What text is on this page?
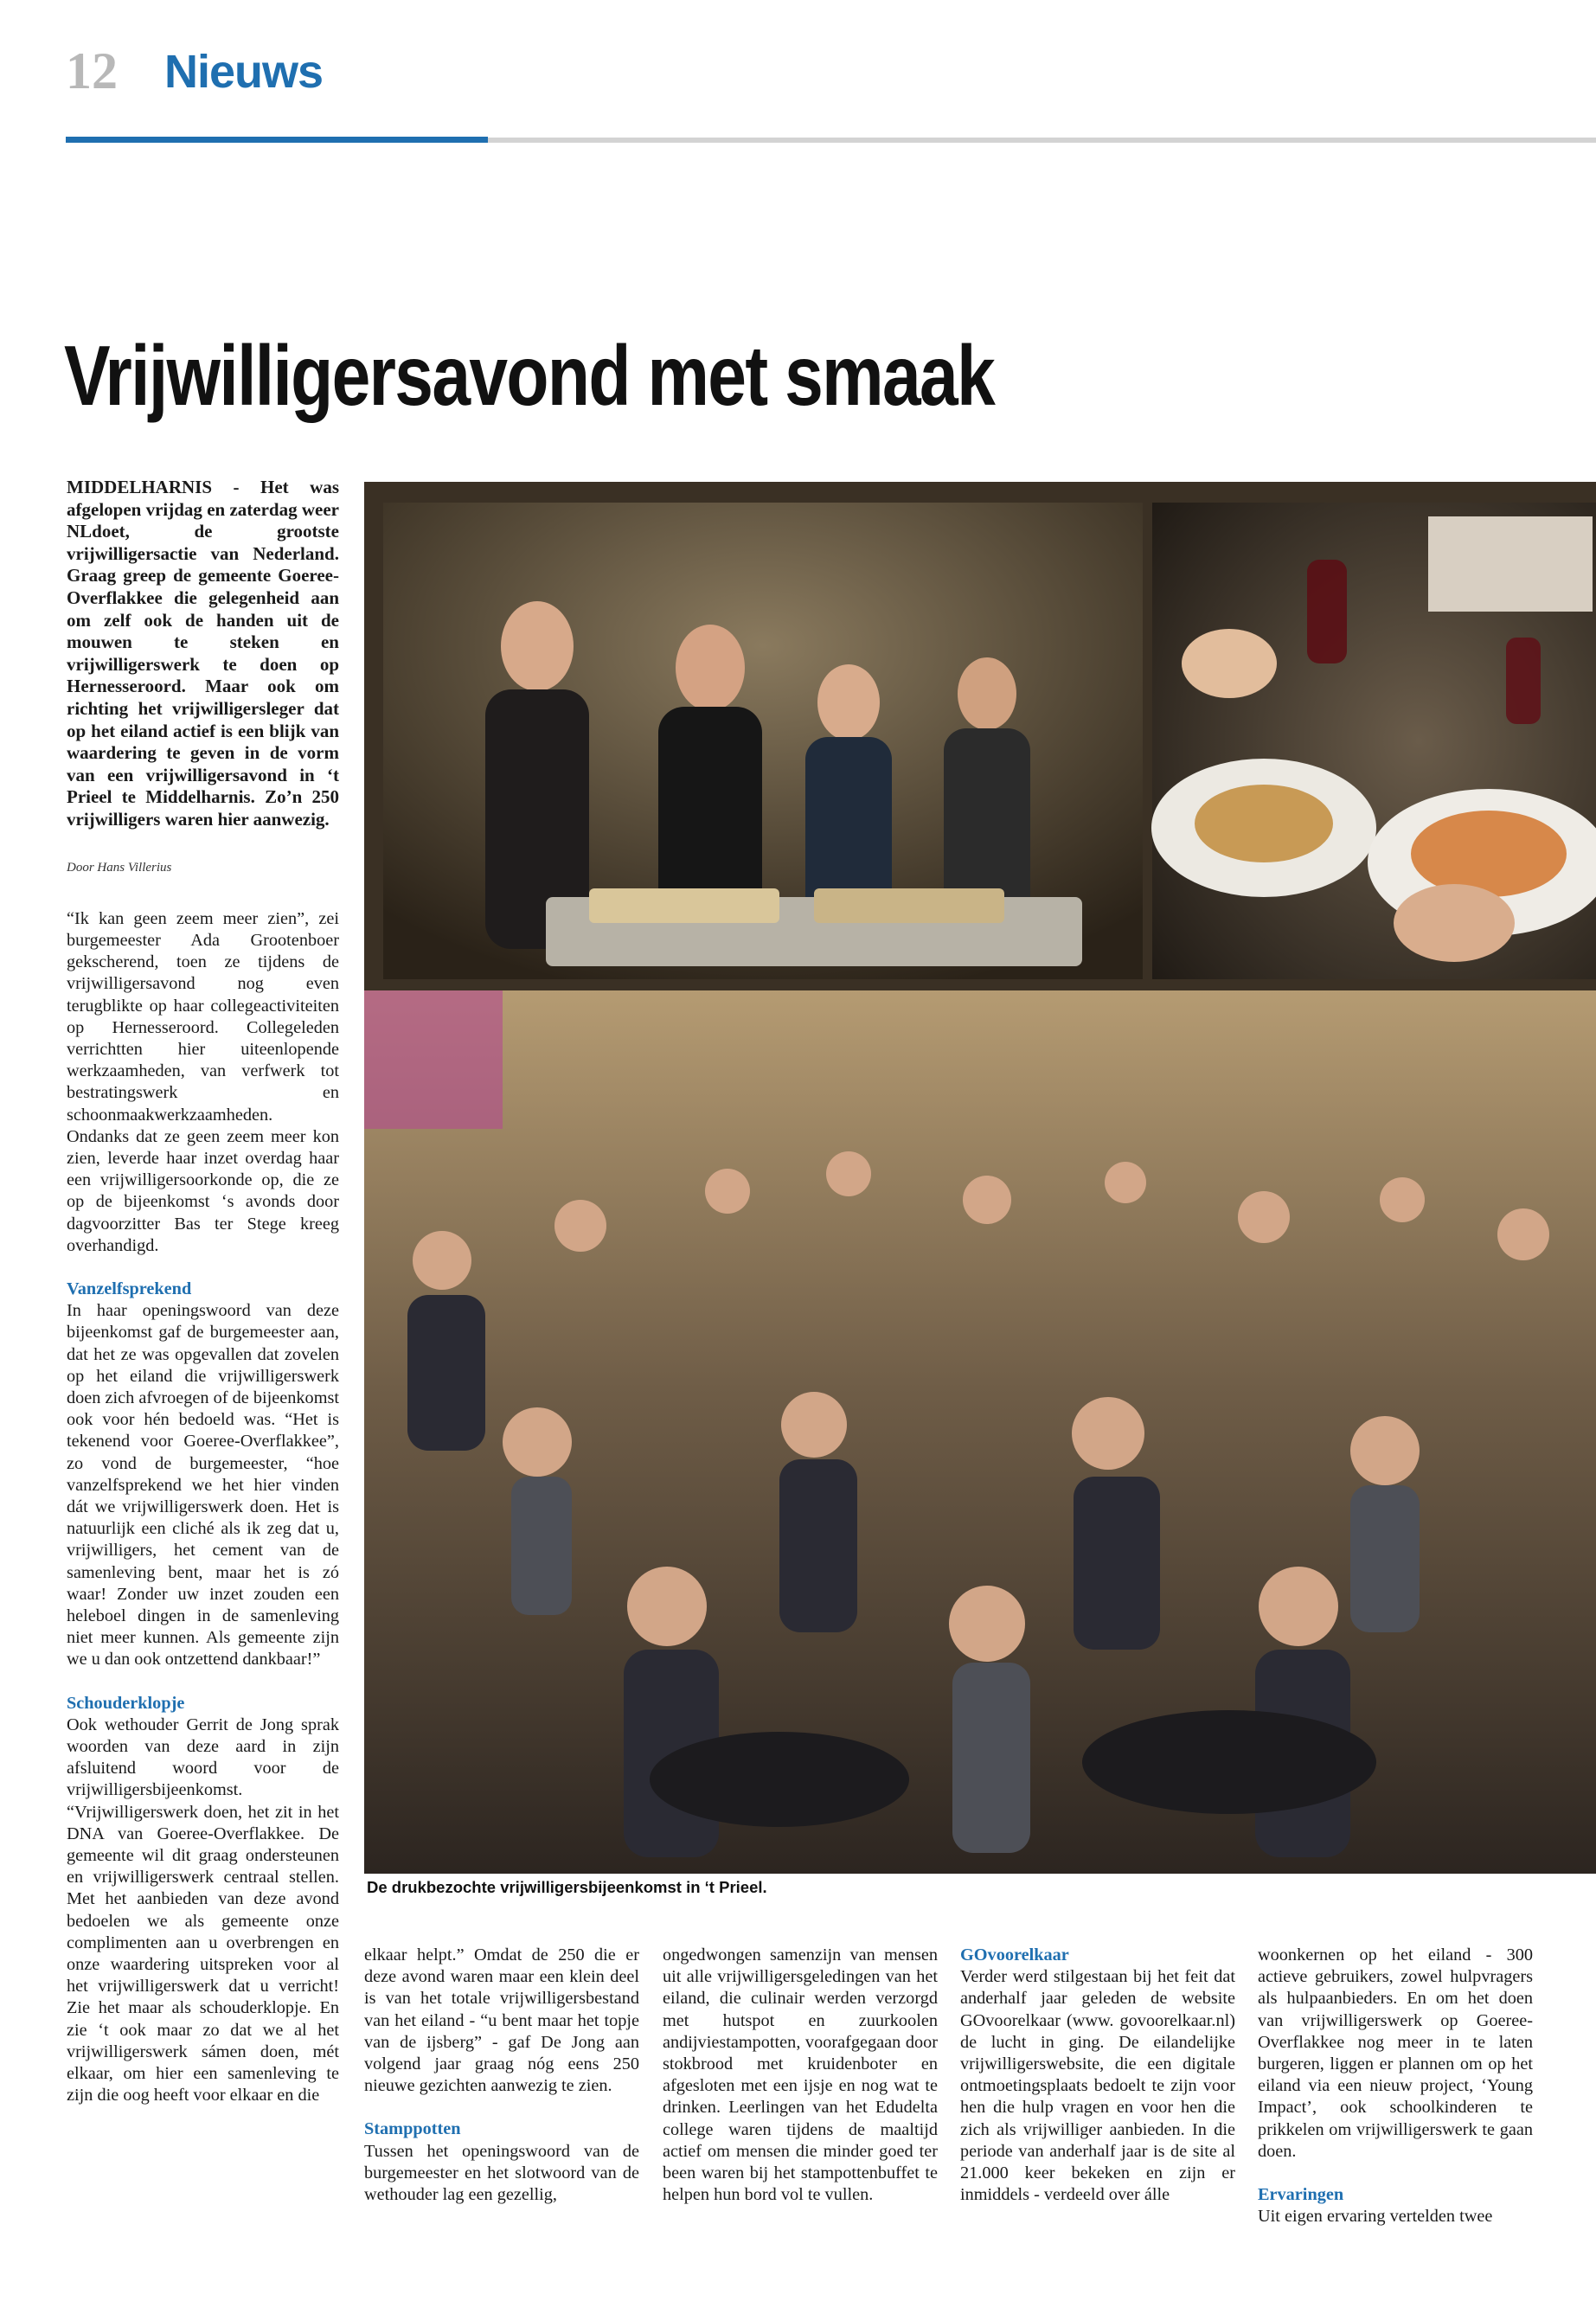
12 Nieuws
Vrijwilligersavond met smaak

MIDDELHARNIS - Het was afgelopen vrijdag en zaterdag weer NLdoet, de grootste vrijwilligersactie van Nederland. Graag greep de gemeente Goeree-Overflakkee die gelegenheid aan om zelf ook de handen uit de mouwen te steken en vrijwilligerswerk te doen op Hernesseroord. Maar ook om richting het vrijwilligersleger dat op het eiland actief is een blijk van waardering te geven in de vorm van een vrijwilligersavond in ‘t Prieel te Middelharnis. Zo’n 250 vrijwilligers waren hier aanwezig.

Door Hans Villerius

“Ik kan geen zeem meer zien”, zei burgemeester Ada Grootenboer gekscherend, toen ze tijdens de vrijwilligersavond nog even terugblikte op haar collegeactiviteiten op Hernesseroord. Collegeleden verrichtten hier uiteenlopende werkzaamheden, van verfwerk tot bestratingswerk en schoonmaakwerkzaamheden. Ondanks dat ze geen zeem meer kon zien, leverde haar inzet overdag haar een vrijwilligersoorkonde op, die ze op de bijeenkomst ‘s avonds door dagvoorzitter Bas ter Stege kreeg overhandigd.

Vanzelfsprekend

In haar openingswoord van deze bijeenkomst gaf de burgemeester aan, dat het ze was opgevallen dat zovelen op het eiland die vrijwilligerswerk doen zich afvroegen of de bijeenkomst ook voor hén bedoeld was. “Het is tekenend voor Goeree-Overflakkee”, zo vond de burgemeester, “hoe vanzelfsprekend we het hier vinden dát we vrijwilligerswerk doen. Het is natuurlijk een cliché als ik zeg dat u, vrijwilligers, het cement van de samenleving bent, maar het is zó waar! Zonder uw inzet zouden een heleboel dingen in de samenleving niet meer kunnen. Als gemeente zijn we u dan ook ontzettend dankbaar!”

Schouderklopje

Ook wethouder Gerrit de Jong sprak woorden van deze aard in zijn afsluitend woord voor de vrijwilligersbijeenkomst. “Vrijwilligerswerk doen, het zit in het DNA van Goeree-Overflakkee. De gemeente wil dit graag ondersteunen en vrijwilligerswerk centraal stellen. Met het aanbieden van deze avond bedoelen we als gemeente onze complimenten aan u overbrengen en onze waardering uitspreken voor al het vrijwilligerswerk dat u verricht! Zie het maar als schouderklopje. En zie ‘t ook maar zo dat we al het vrijwilligerswerk sámen doen, mét elkaar, om hier een samenleving te zijn die oog heeft voor elkaar en die

De drukbezochte vrijwilligersbijeenkomst in ‘t Prieel.

elkaar helpt.” Omdat de 250 die er deze avond waren maar een klein deel is van het totale vrijwilligersbestand van het eiland - “u bent maar het topje van de ijsberg” - gaf De Jong aan volgend jaar graag nóg eens 250 nieuwe gezichten aanwezig te zien.

Stamppotten

Tussen het openingswoord van de burgemeester en het slotwoord van de wethouder lag een gezellig,

ongedwongen samenzijn van mensen uit alle vrijwilligersgeledingen van het eiland, die culinair werden verzorgd met hutspot en zuurkoolen andijviestampotten, voorafgegaan door stokbrood met kruidenboter en afgesloten met een ijsje en nog wat te drinken. Leerlingen van het Edudelta college waren tijdens de maaltijd actief om mensen die minder goed ter been waren bij het stampottenbuffet te helpen hun bord vol te vullen.

GOvoorelkaar

Verder werd stilgestaan bij het feit dat anderhalf jaar geleden de website GOvoorelkaar (www. govoorelkaar.nl) de lucht in ging. De eilandelijke vrijwilligerswebsite, die een digitale ontmoetingsplaats bedoelt te zijn voor hen die hulp vragen en voor hen die zich als vrijwilliger aanbieden. In die periode van anderhalf jaar is de site al 21.000 keer bekeken en zijn er inmiddels - verdeeld over álle

woonkernen op het eiland - 300 actieve gebruikers, zowel hulpvragers als hulpaanbieders. En om het doen van vrijwilligerswerk op Goeree-Overflakkee nog meer in te laten burgeren, liggen er plannen om op het eiland via een nieuw project, ‘Young Impact’, ook schoolkinderen te prikkelen om vrijwilligerswerk te gaan doen.

Ervaringen

Uit eigen ervaring vertelden twee
